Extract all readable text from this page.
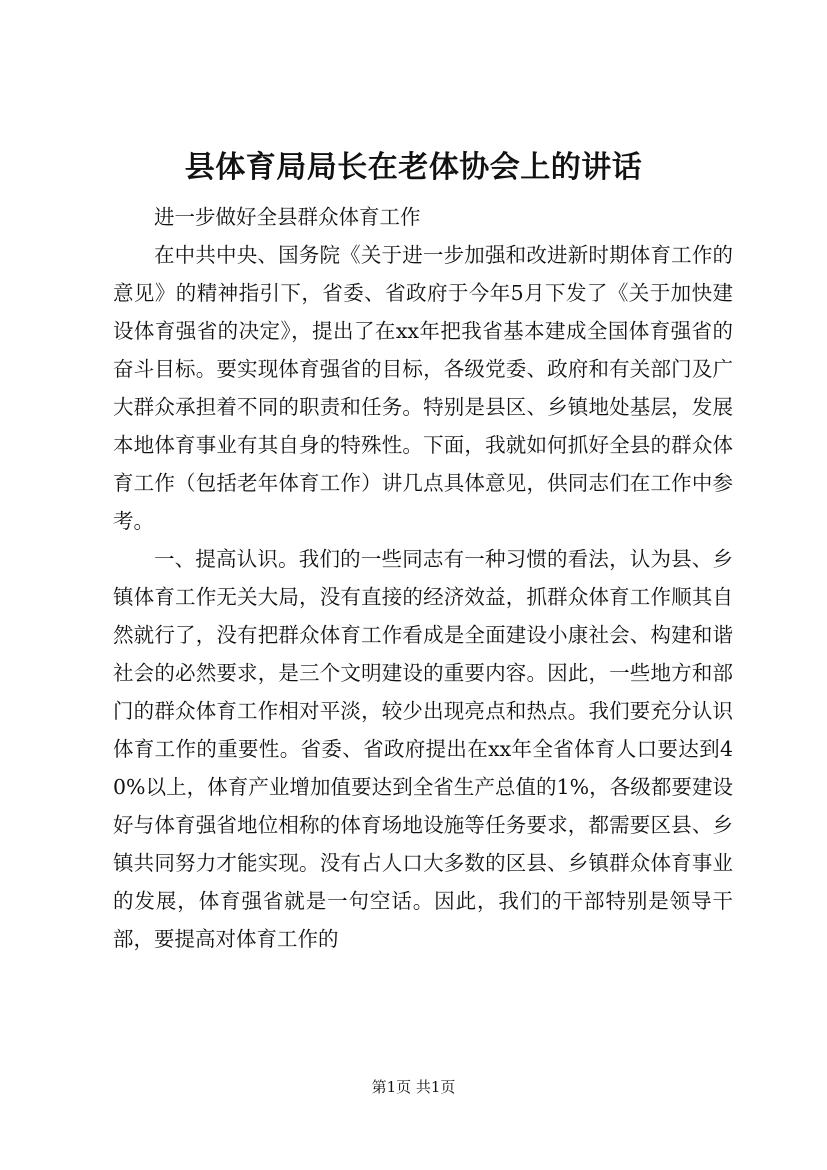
县体育局局长在老体协会上的讲话

进一步做好全县群众体育工作

在中共中央、国务院《关于进一步加强和改进新时期体育工作的意见》的精神指引下，省委、省政府于今年5月下发了《关于加快建设体育强省的决定》，提出了在xx年把我省基本建成全国体育强省的奋斗目标。要实现体育强省的目标，各级党委、政府和有关部门及广大群众承担着不同的职责和任务。特别是县区、乡镇地处基层，发展本地体育事业有其自身的特殊性。下面，我就如何抓好全县的群众体育工作（包括老年体育工作）讲几点具体意见，供同志们在工作中参考。

一、提高认识。我们的一些同志有一种习惯的看法，认为县、乡镇体育工作无关大局，没有直接的经济效益，抓群众体育工作顺其自然就行了，没有把群众体育工作看成是全面建设小康社会、构建和谐社会的必然要求，是三个文明建设的重要内容。因此，一些地方和部门的群众体育工作相对平淡，较少出现亮点和热点。我们要充分认识体育工作的重要性。省委、省政府提出在xx年全省体育人口要达到40%以上，体育产业增加值要达到全省生产总值的1%，各级都要建设好与体育强省地位相称的体育场地设施等任务要求，都需要区县、乡镇共同努力才能实现。没有占人口大多数的区县、乡镇群众体育事业的发展，体育强省就是一句空话。因此，我们的干部特别是领导干部，要提高对体育工作的

第1页 共1页
